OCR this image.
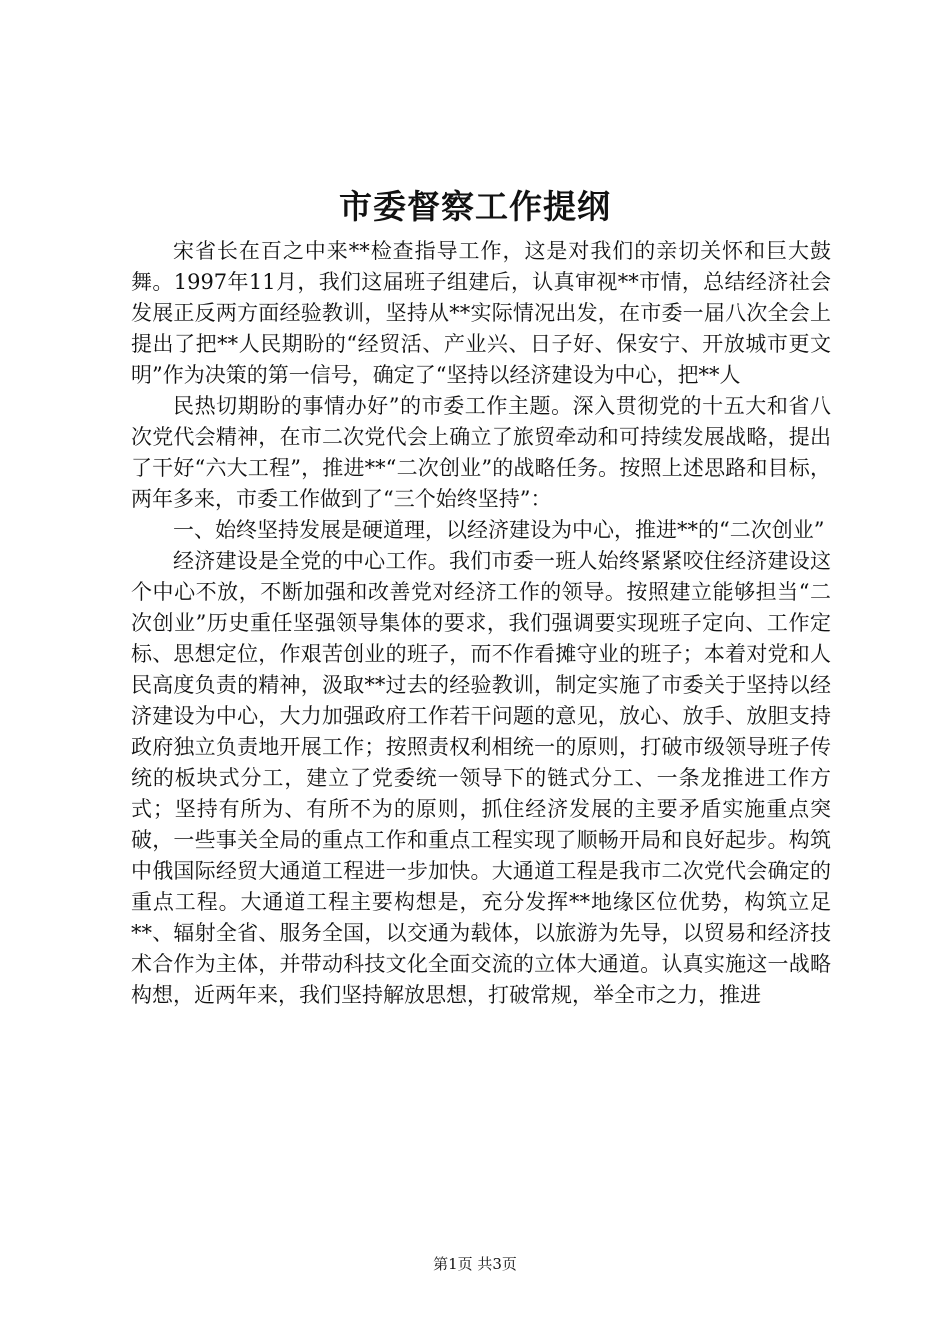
市委督察工作提纲

宋省长在百之中来**检查指导工作，这是对我们的亲切关怀和巨大鼓舞。1997年11月，我们这届班子组建后，认真审视**市情，总结经济社会发展正反两方面经验教训，坚持从**实际情况出发，在市委一届八次全会上提出了把**人民期盼的“经贸活、产业兴、日子好、保安宁、开放城市更文明”作为决策的第一信号，确定了“坚持以经济建设为中心，把**人

民热切期盼的事情办好”的市委工作主题。深入贯彻党的十五大和省八次党代会精神，在市二次党代会上确立了旅贸牵动和可持续发展战略，提出了干好“六大工程”，推进**“二次创业”的战略任务。按照上述思路和目标，两年多来，市委工作做到了“三个始终坚持”：

一、始终坚持发展是硬道理，以经济建设为中心，推进**的“二次创业”

经济建设是全党的中心工作。我们市委一班人始终紧紧咬住经济建设这个中心不放，不断加强和改善党对经济工作的领导。按照建立能够担当“二次创业”历史重任坚强领导集体的要求，我们强调要实现班子定向、工作定标、思想定位，作艰苦创业的班子，而不作看摊守业的班子；本着对党和人民高度负责的精神，汲取**过去的经验教训，制定实施了市委关于坚持以经济建设为中心，大力加强政府工作若干问题的意见，放心、放手、放胆支持政府独立负责地开展工作；按照责权利相统一的原则，打破市级领导班子传统的板块式分工，建立了党委统一领导下的链式分工、一条龙推进工作方式；坚持有所为、有所不为的原则，抓住经济发展的主要矛盾实施重点突破，一些事关全局的重点工作和重点工程实现了顺畅开局和良好起步。构筑中俄国际经贸大通道工程进一步加快。大通道工程是我市二次党代会确定的重点工程。大通道工程主要构想是，充分发挥**地缘区位优势，构筑立足**、辐射全省、服务全国，以交通为载体，以旅游为先导，以贸易和经济技术合作为主体，并带动科技文化全面交流的立体大通道。认真实施这一战略构想，近两年来，我们坚持解放思想，打破常规，举全市之力，推进

第1页 共3页
